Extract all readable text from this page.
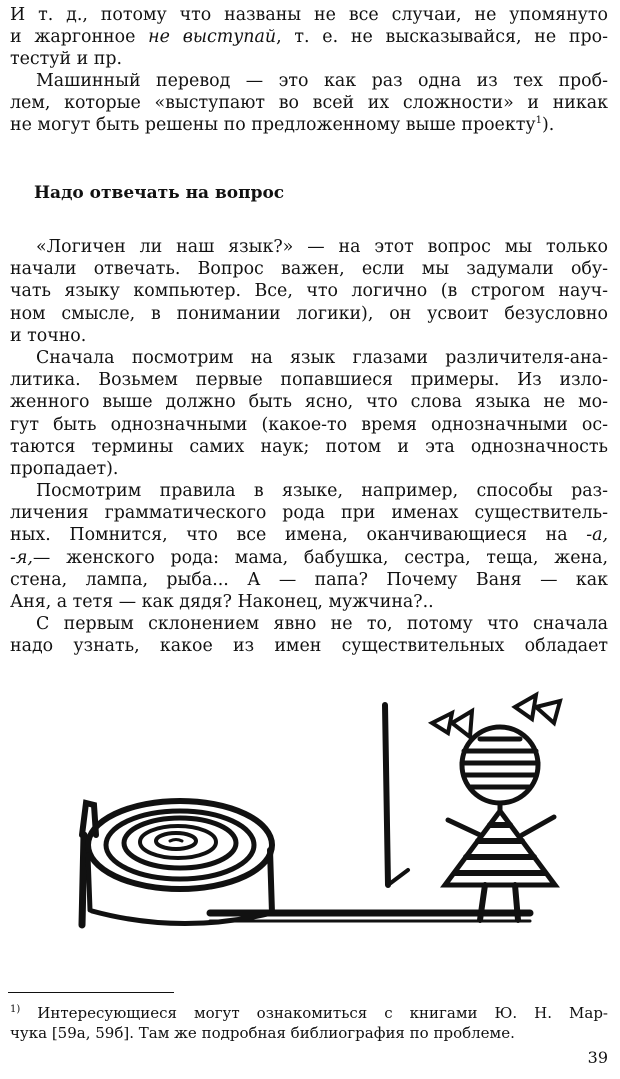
И т. д., потому что названы не все случаи, не упомянуто
и жаргонное не выступай, т. е. не высказывайся, не про-
тестуй и пр.
Машинный перевод — это как раз одна из тех проб-
лем, которые «выступают во всей их сложности» и никак
не могут быть решены по предложенному выше проекту$^1$).
Надо отвечать на вопрос
«Логичен ли наш язык?» — на этот вопрос мы только
начали отвечать. Вопрос важен, если мы задумали обу-
чать языку компьютер. Все, что логично (в строгом науч-
ном смысле, в понимании логики), он усвоит безусловно
и точно.
Сначала посмотрим на язык глазами различителя-ана-
литика. Возьмем первые попавшиеся примеры. Из изло-
женного выше должно быть ясно, что слова языка не мо-
гут быть однозначными (какое-то время однозначными ос-
таются термины самих наук; потом и эта однозначность
пропадает).
Посмотрим правила в языке, например, способы раз-
личения грамматического рода при именах существитель-
ных. Помнится, что все имена, оканчивающиеся на -а,
-я,— женского рода: мама, бабушка, сестра, теща, жена,
стена, лампа, рыба... А — папа? Почему Ваня — как
Аня, а тетя — как дядя? Наконец, мужчина?..
С первым склонением явно не то, потому что сначала
надо узнать, какое из имен существительных обладает
$^{1)}$ Интересующиеся могут ознакомиться с книгами Ю. Н. Мар-
чука [59а, 59б]. Там же подробная библиография по проблеме.
39
